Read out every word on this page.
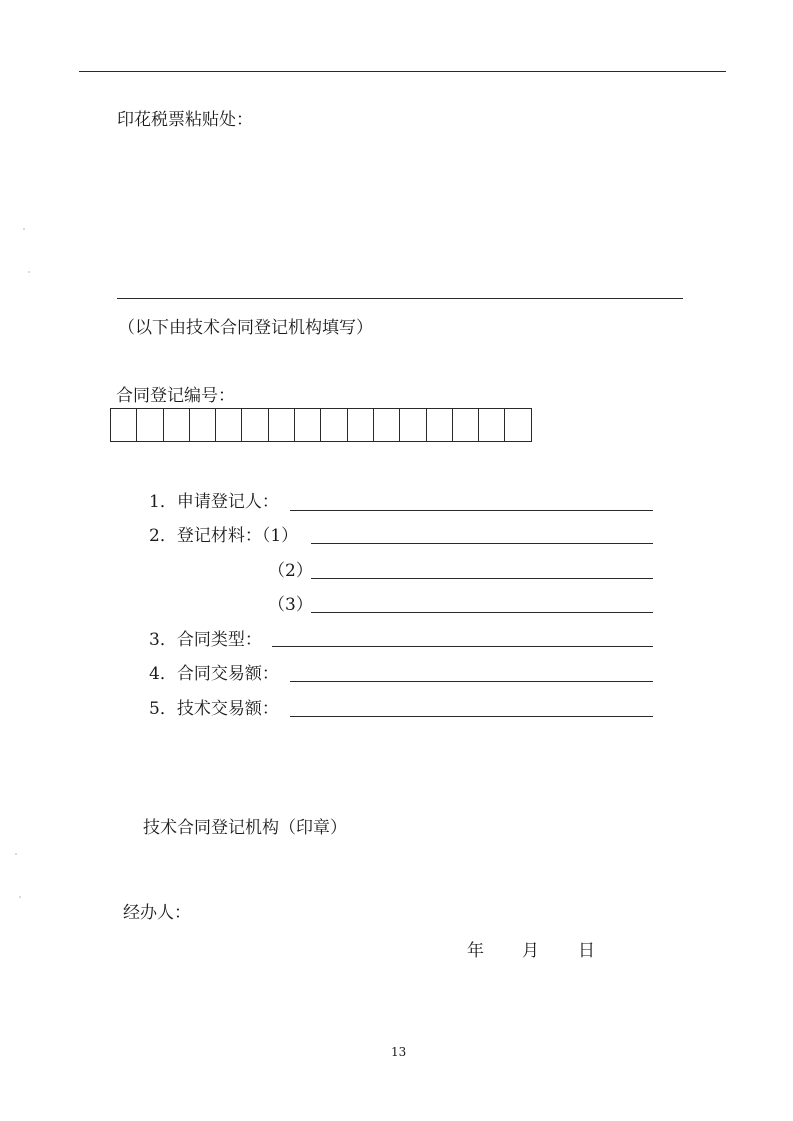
印花税票粘贴处：
（以下由技术合同登记机构填写）
合同登记编号：
1．申请登记人：
2．登记材料：（1）
（2）
（3）
3．合同类型：
4．合同交易额：
5．技术交易额：
技术合同登记机构（印章）
经办人：
年 月 日
13
